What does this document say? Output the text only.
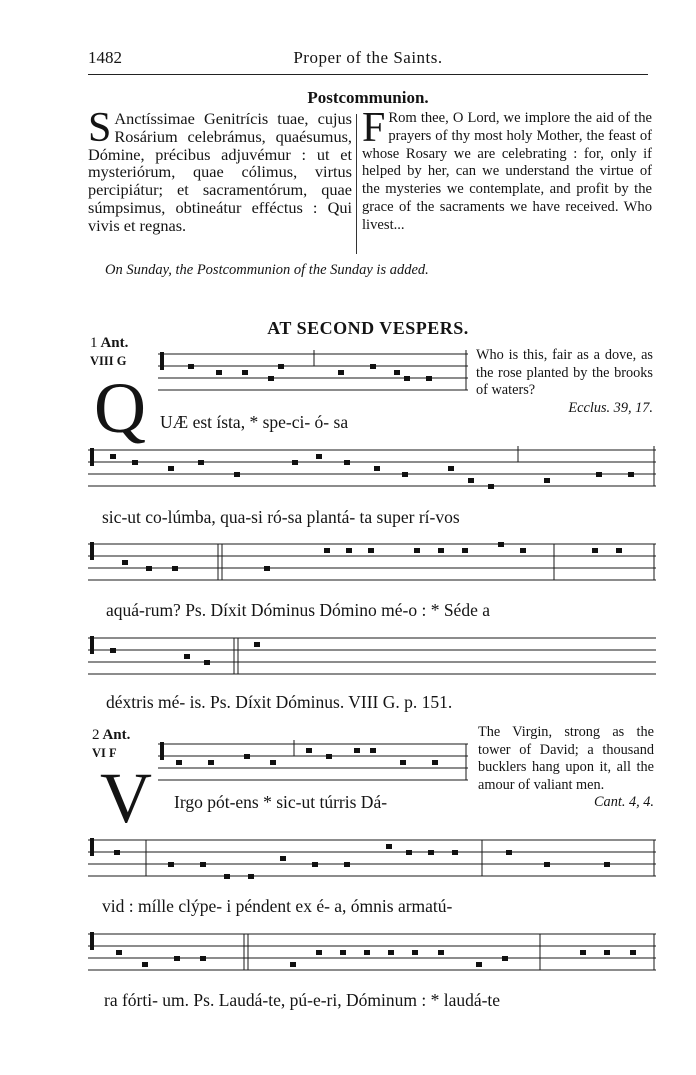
1482	Proper of the Saints.
Postcommunion.
S Anctíssimae Genitrícis tuae, cujus Rosárium celebrámus, quaésumus, Dómine, précibus adjuvémur : ut et mysteriórum, quae cólimus, virtus percipiátur; et sacramentórum, quae súmpsimus, obtineátur efféctus : Qui vivis et regnas.
F Rom thee, O Lord, we implore the aid of the prayers of thy most holy Mother, the feast of whose Rosary we are celebrating : for, only if helped by her, can we understand the virtue of the mysteries we contemplate, and profit by the grace of the sacraments we have received. Who livest...
On Sunday, the Postcommunion of the Sunday is added.
AT SECOND VESPERS.
1 Ant.
VIII G
Q UÆ est ísta, * spe-ci- ó- sa
Who is this, fair as a dove, as the rose planted by the brooks of waters?
Ecclus. 39, 17.
sic-ut co-lúmba, qua-si ró-sa plantá- ta super rí-vos
aquá-rum? Ps. Díxit Dóminus Dómino mé-o : * Séde a
déxtris mé- is. Ps. Díxit Dóminus. VIII G. p. 151.
2 Ant.
VI F
V Irgo pót-ens * sic-ut túrris Dá-
The Virgin, strong as the tower of David; a thousand bucklers hang upon it, all the amour of valiant men.
Cant. 4, 4.
vid : mílle clýpe- i péndent ex é- a, ómnis armatú-
ra fórti- um. Ps. Laudá-te, pú-e-ri, Dóminum : * laudá-te
